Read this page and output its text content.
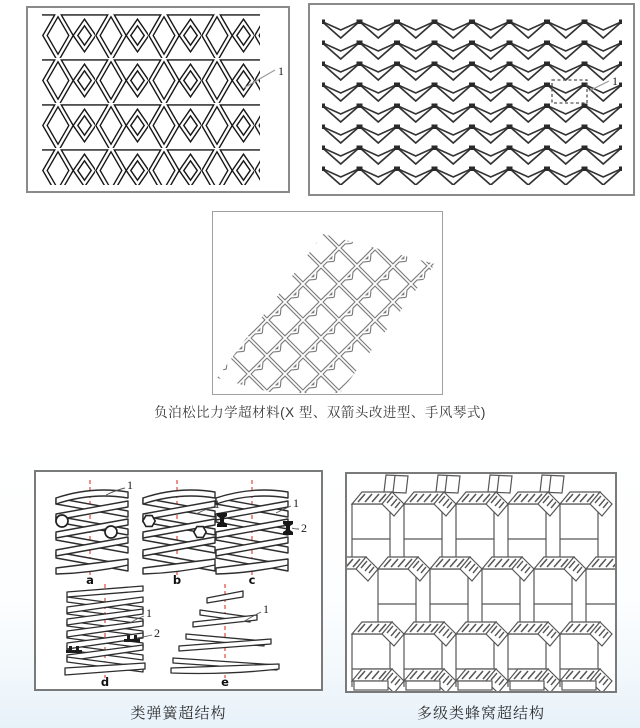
1
1
负泊松比力学超材料(X 型、双箭头改进型、手风琴式)
1
1	1
2
1
2
1
a	b	c
d	e
类弹簧超结构	多级类蜂窝超结构
